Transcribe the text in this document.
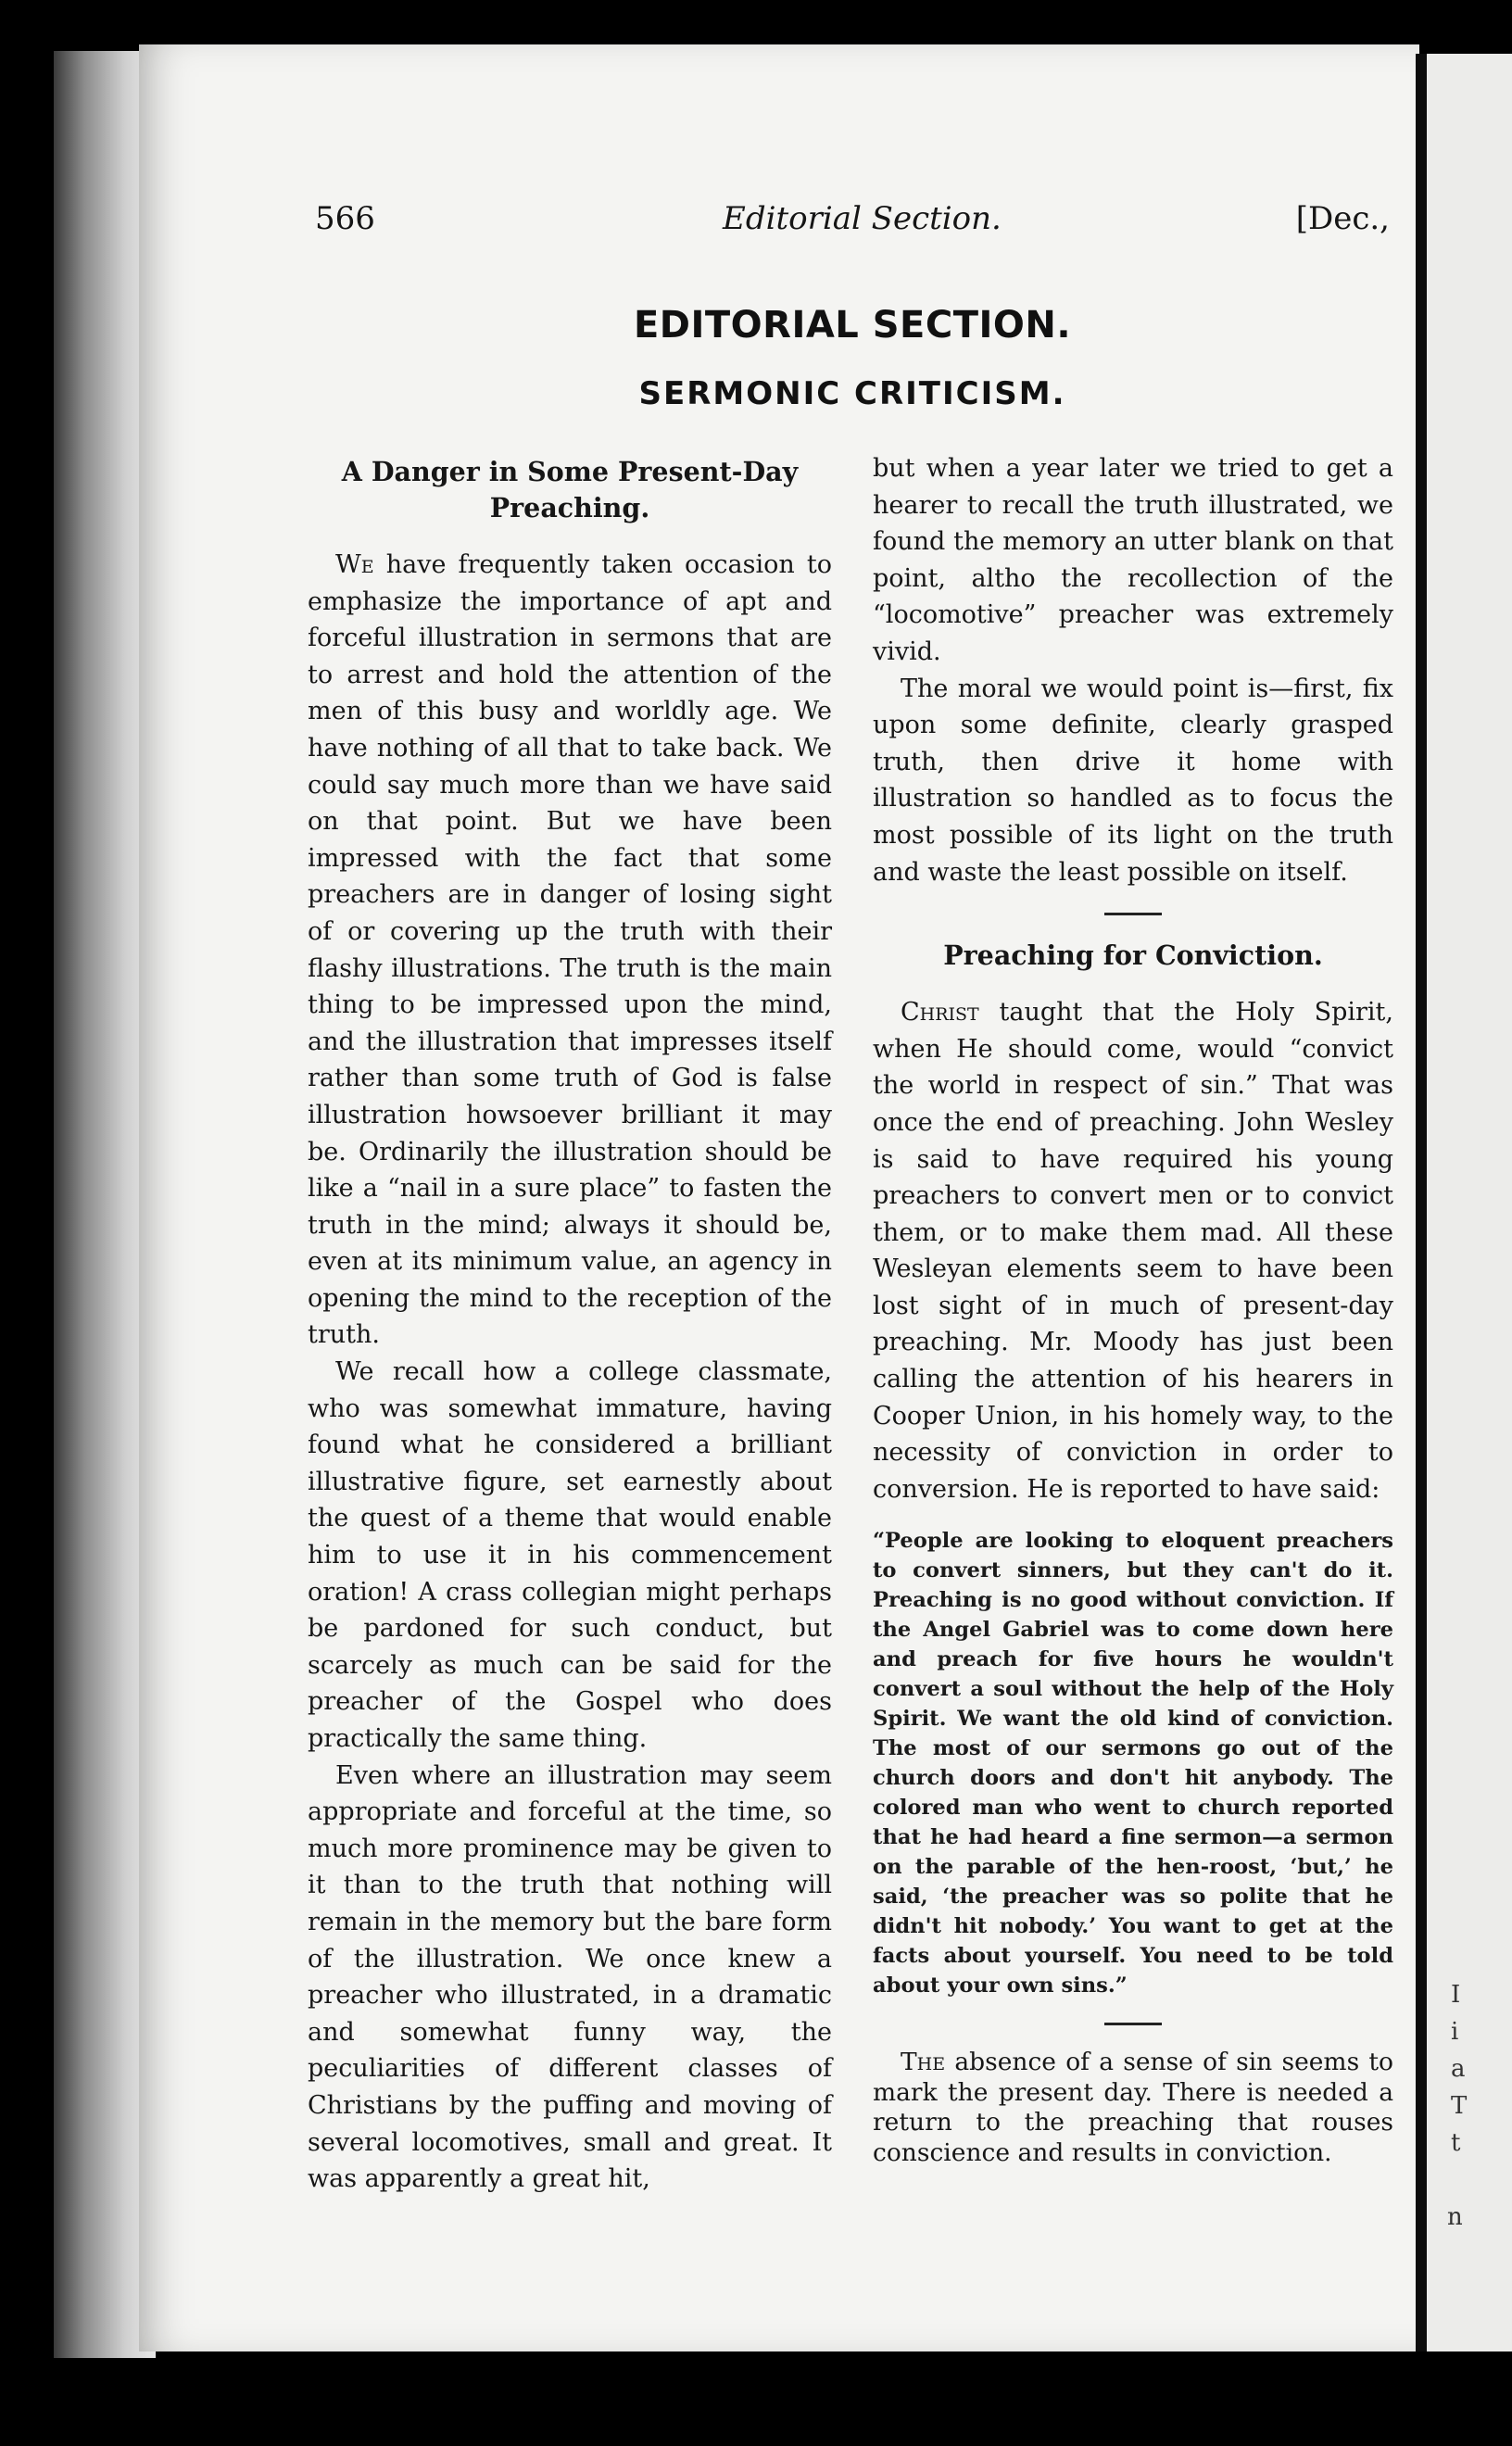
I
i
a
T
t
n
566	Editorial Section.	[Dec.,
EDITORIAL SECTION.
SERMONIC CRITICISM.
A Danger in Some Present-Day Preaching.

We have frequently taken occasion to emphasize the importance of apt and forceful illustration in sermons that are to arrest and hold the attention of the men of this busy and worldly age. We have nothing of all that to take back. We could say much more than we have said on that point. But we have been impressed with the fact that some preachers are in danger of losing sight of or covering up the truth with their flashy illustrations. The truth is the main thing to be impressed upon the mind, and the illustration that impresses itself rather than some truth of God is false illustration howsoever brilliant it may be. Ordinarily the illustration should be like a “nail in a sure place” to fasten the truth in the mind; always it should be, even at its minimum value, an agency in opening the mind to the reception of the truth.

We recall how a college classmate, who was somewhat immature, having found what he considered a brilliant illustrative figure, set earnestly about the quest of a theme that would enable him to use it in his commencement oration! A crass collegian might perhaps be pardoned for such conduct, but scarcely as much can be said for the preacher of the Gospel who does practically the same thing.

Even where an illustration may seem appropriate and forceful at the time, so much more prominence may be given to it than to the truth that nothing will remain in the memory but the bare form of the illustration. We once knew a preacher who illustrated, in a dramatic and somewhat funny way, the peculiarities of different classes of Christians by the puffing and moving of several locomotives, small and great. It was apparently a great hit,

but when a year later we tried to get a hearer to recall the truth illustrated, we found the memory an utter blank on that point, altho the recollection of the “locomotive” preacher was extremely vivid.

The moral we would point is—first, fix upon some definite, clearly grasped truth, then drive it home with illustration so handled as to focus the most possible of its light on the truth and waste the least possible on itself.

Preaching for Conviction.

Christ taught that the Holy Spirit, when He should come, would “convict the world in respect of sin.” That was once the end of preaching. John Wesley is said to have required his young preachers to convert men or to convict them, or to make them mad. All these Wesleyan elements seem to have been lost sight of in much of present-day preaching. Mr. Moody has just been calling the attention of his hearers in Cooper Union, in his homely way, to the necessity of conviction in order to conversion. He is reported to have said:

“People are looking to eloquent preachers to convert sinners, but they can't do it. Preaching is no good without conviction. If the Angel Gabriel was to come down here and preach for five hours he wouldn't convert a soul without the help of the Holy Spirit. We want the old kind of conviction. The most of our sermons go out of the church doors and don't hit anybody. The colored man who went to church reported that he had heard a fine sermon—a sermon on the parable of the hen-roost, ‘but,’ he said, ‘the preacher was so polite that he didn't hit nobody.’ You want to get at the facts about yourself. You need to be told about your own sins.”

The absence of a sense of sin seems to mark the present day. There is needed a return to the preaching that rouses conscience and results in conviction.
